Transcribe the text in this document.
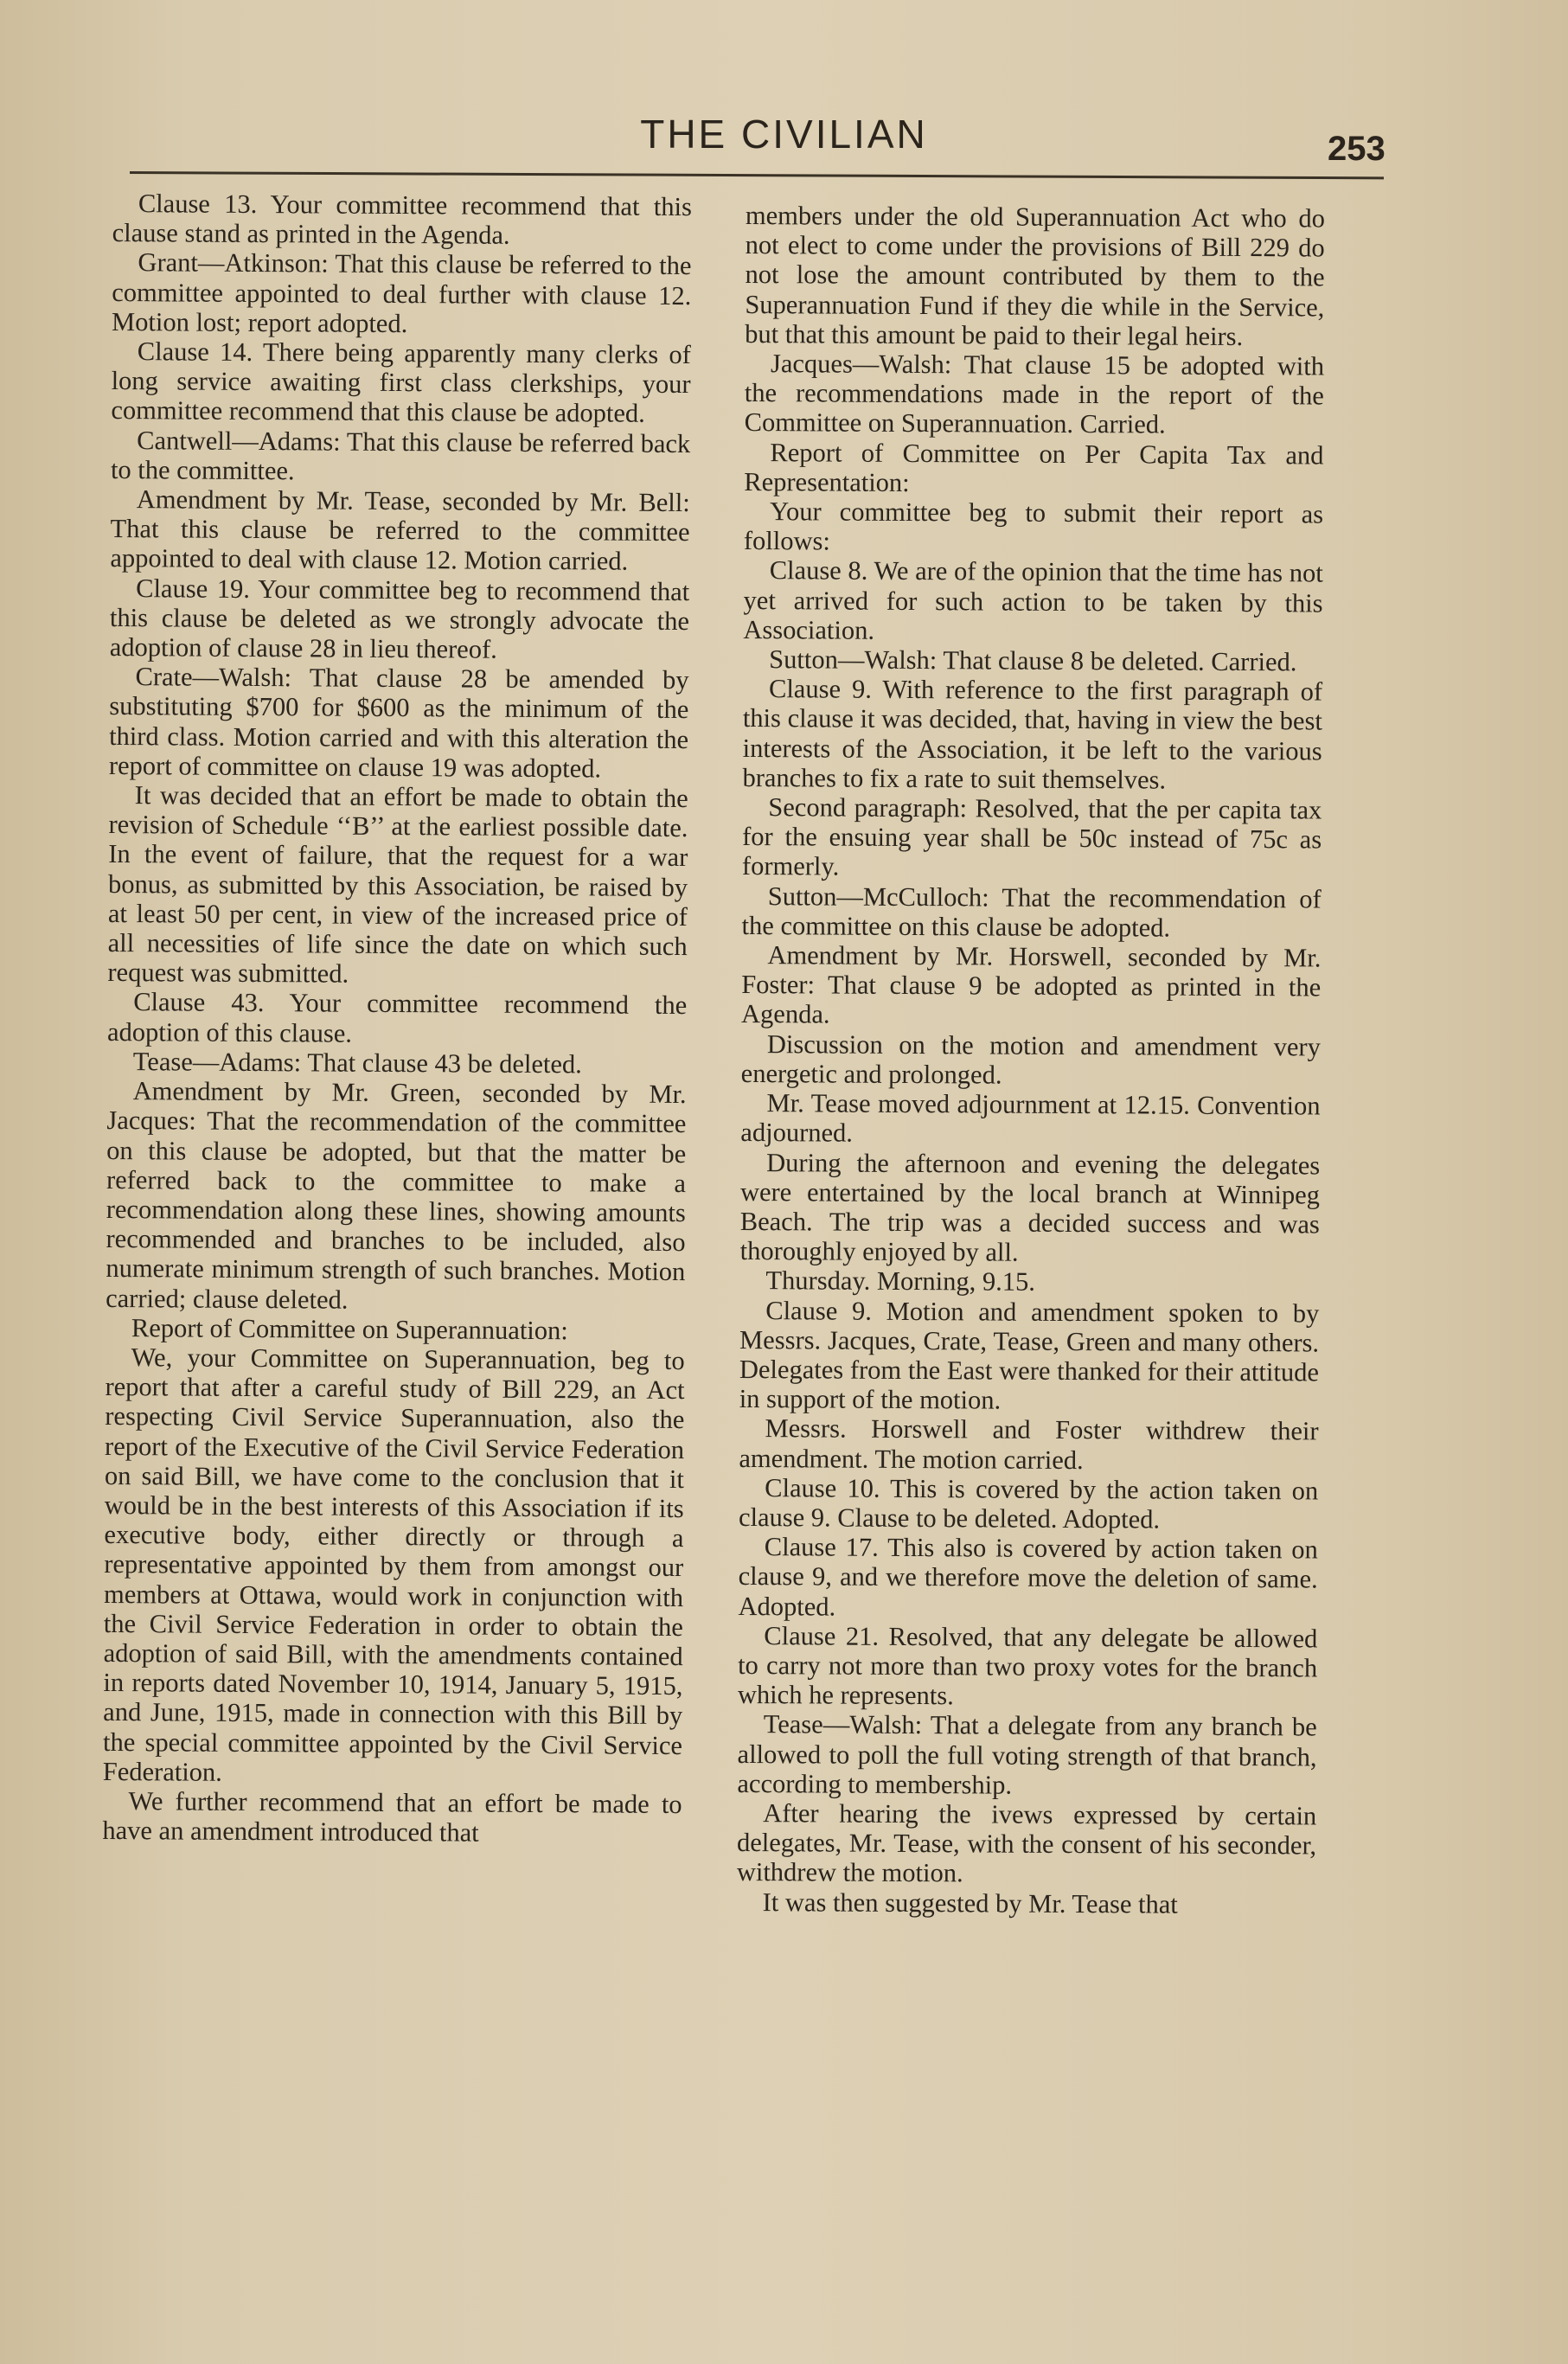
THE CIVILIAN	253

Clause 13. Your committee recommend that this clause stand as printed in the Agenda.

Grant—Atkinson: That this clause be referred to the committee appointed to deal further with clause 12. Motion lost; report adopted.

Clause 14. There being apparently many clerks of long service awaiting first class clerkships, your committee recommend that this clause be adopted.

Cantwell—Adams: That this clause be referred back to the committee.

Amendment by Mr. Tease, seconded by Mr. Bell: That this clause be referred to the committee appointed to deal with clause 12. Motion carried.

Clause 19. Your committee beg to recommend that this clause be deleted as we strongly advocate the adoption of clause 28 in lieu thereof.

Crate—Walsh: That clause 28 be amended by substituting $700 for $600 as the minimum of the third class. Motion carried and with this alteration the report of committee on clause 19 was adopted.

It was decided that an effort be made to obtain the revision of Schedule ‘‘B’’ at the earliest possible date. In the event of failure, that the request for a war bonus, as submitted by this Association, be raised by at least 50 per cent, in view of the increased price of all necessities of life since the date on which such request was submitted.

Clause 43. Your committee recommend the adoption of this clause.

Tease—Adams: That clause 43 be deleted.

Amendment by Mr. Green, seconded by Mr. Jacques: That the recommendation of the committee on this clause be adopted, but that the matter be referred back to the committee to make a recommendation along these lines, showing amounts recommended and branches to be included, also numerate minimum strength of such branches. Motion carried; clause deleted.

Report of Committee on Superannuation:

We, your Committee on Superannuation, beg to report that after a careful study of Bill 229, an Act respecting Civil Service Superannuation, also the report of the Executive of the Civil Service Federation on said Bill, we have come to the conclusion that it would be in the best interests of this Association if its executive body, either directly or through a representative appointed by them from amongst our members at Ottawa, would work in conjunction with the Civil Service Federation in order to obtain the adoption of said Bill, with the amendments contained in reports dated November 10, 1914, January 5, 1915, and June, 1915, made in connection with this Bill by the special committee appointed by the Civil Service Federation.

We further recommend that an effort be made to have an amendment introduced that

members under the old Superannuation Act who do not elect to come under the provisions of Bill 229 do not lose the amount contributed by them to the Superannuation Fund if they die while in the Service, but that this amount be paid to their legal heirs.

Jacques—Walsh: That clause 15 be adopted with the recommendations made in the report of the Committee on Superannuation. Carried.

Report of Committee on Per Capita Tax and Representation:

Your committee beg to submit their report as follows:

Clause 8. We are of the opinion that the time has not yet arrived for such action to be taken by this Association.

Sutton—Walsh: That clause 8 be deleted. Carried.

Clause 9. With reference to the first paragraph of this clause it was decided, that, having in view the best interests of the Association, it be left to the various branches to fix a rate to suit themselves.

Second paragraph: Resolved, that the per capita tax for the ensuing year shall be 50c instead of 75c as formerly.

Sutton—McCulloch: That the recommendation of the committee on this clause be adopted.

Amendment by Mr. Horswell, seconded by Mr. Foster: That clause 9 be adopted as printed in the Agenda.

Discussion on the motion and amendment very energetic and prolonged.

Mr. Tease moved adjournment at 12.15. Convention adjourned.

During the afternoon and evening the delegates were entertained by the local branch at Winnipeg Beach. The trip was a decided success and was thoroughly enjoyed by all.

Thursday. Morning, 9.15.

Clause 9. Motion and amendment spoken to by Messrs. Jacques, Crate, Tease, Green and many others. Delegates from the East were thanked for their attitude in support of the motion.

Messrs. Horswell and Foster withdrew their amendment. The motion carried.

Clause 10. This is covered by the action taken on clause 9. Clause to be deleted. Adopted.

Clause 17. This also is covered by action taken on clause 9, and we therefore move the deletion of same. Adopted.

Clause 21. Resolved, that any delegate be allowed to carry not more than two proxy votes for the branch which he represents.

Tease—Walsh: That a delegate from any branch be allowed to poll the full voting strength of that branch, according to membership.

After hearing the ivews expressed by certain delegates, Mr. Tease, with the consent of his seconder, withdrew the motion.

It was then suggested by Mr. Tease that
